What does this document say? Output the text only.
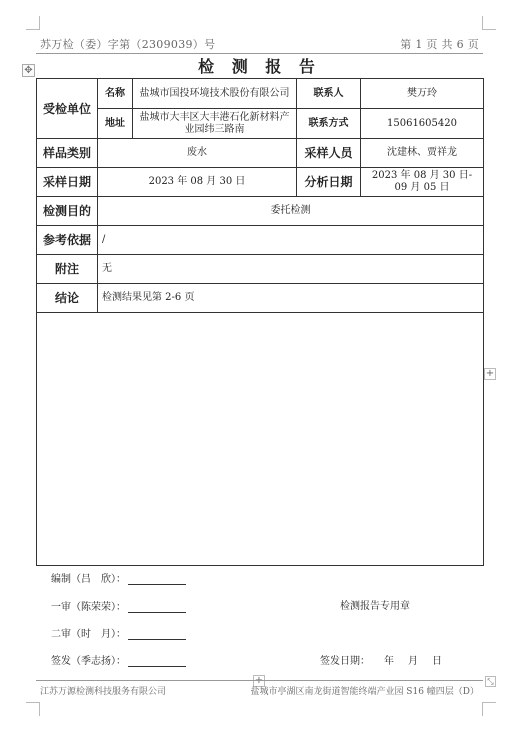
苏万检（委）字第（2309039）号	第 1 页 共 6 页
✥	检 测 报 告
受检单位	名称	盐城市国投环境技术股份有限公司	联系人	樊万玲
	地址	盐城市大丰区大丰港石化新材料产业园纬三路南	联系方式	15061605420
样品类别	废水		采样人员	沈建林、贾祥龙
采样日期	2023 年 08 月 30 日		分析日期	2023 年 08 月 30 日-
09 月 05 日

检测目的	委托检测			
参考依据	/			
附注	无			
结论	检测结果见第 2-6 页			

编制（吕　欣）：
一审（陈荣荣）：
二审（时　月）：
签发（季志扬）：
检测报告专用章
签发日期： 年 月 日
+
+	⤡
江苏万源检测科技服务有限公司	盐城市亭湖区南龙街道智能终端产业园 S16 幢四层（D）
